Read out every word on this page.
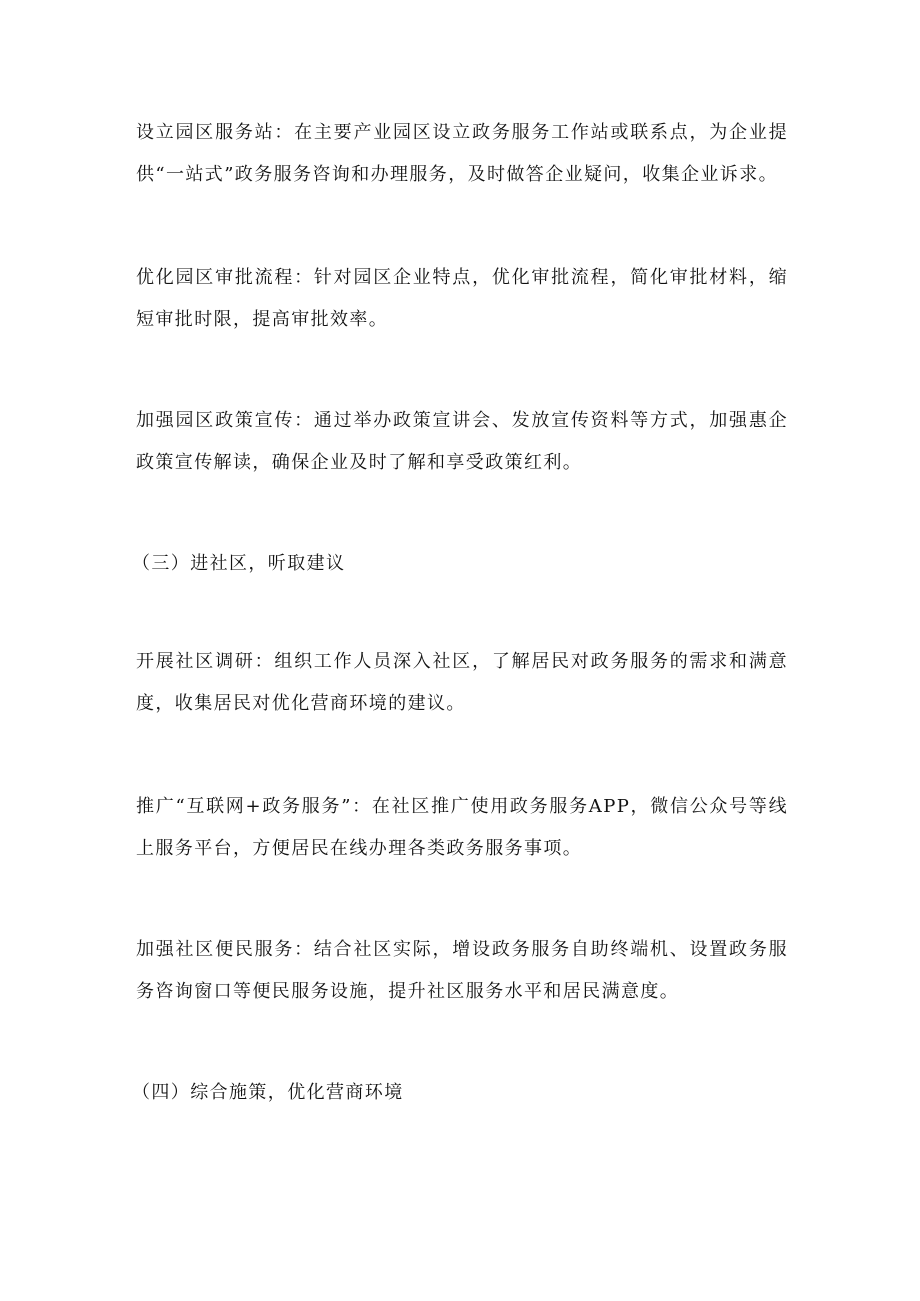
设立园区服务站：在主要产业园区设立政务服务工作站或联系点，为企业提供“一站式”政务服务咨询和办理服务，及时做答企业疑问，收集企业诉求。

优化园区审批流程：针对园区企业特点，优化审批流程，简化审批材料，缩短审批时限，提高审批效率。

加强园区政策宣传：通过举办政策宣讲会、发放宣传资料等方式，加强惠企政策宣传解读，确保企业及时了解和享受政策红利。

（三）进社区，听取建议

开展社区调研：组织工作人员深入社区，了解居民对政务服务的需求和满意度，收集居民对优化营商环境的建议。

推广“互联网+政务服务”：在社区推广使用政务服务APP，微信公众号等线上服务平台，方便居民在线办理各类政务服务事项。

加强社区便民服务：结合社区实际，增设政务服务自助终端机、设置政务服务咨询窗口等便民服务设施，提升社区服务水平和居民满意度。

（四）综合施策，优化营商环境
